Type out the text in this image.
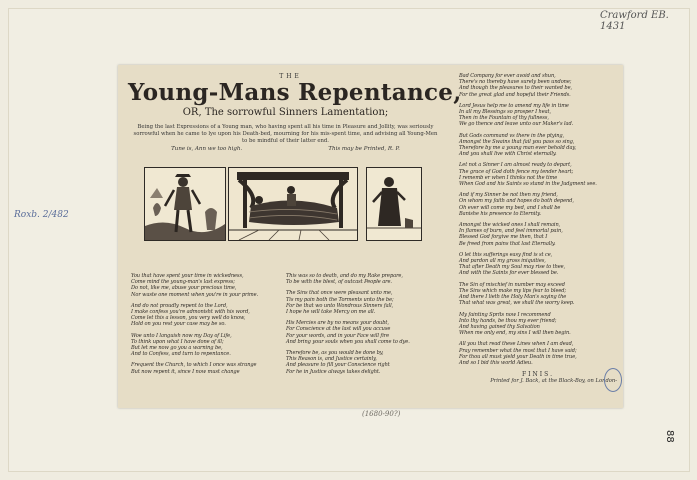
Crawford EB. 1431
Roxb. 2/482
(1680-90?)
88
THE
Young-Mans Repentance,
OR, The sorrowful Sinners Lamentation;
Being the last Expressions of a Young man, who having spent all his time in Pleasure and Jollity, was seriously sorrowful when he came to lye upon his Death-bed, mourning for his mis-spent time, and advising all Young-Men to be mindful of their latter end.
Tune is, Ann we too high.	This may be Printed, R. P.
You that have spent your time in wickedness,
Come mind the young-man's last express;
Do not, like me, abuse your precious time,
Nor waste one moment when you're in your prime.
And do not proudly repent to the Lord,
I make confess you're admonisht with his word,
Come let this a lesson, you very well do know,
Hold on you rest your case may be so.
Woe unto I languish now my Day of Life,
To think upon what I have done of ill;
But let me now go you a warning be,
And to Confess, and turn to repentance.
Frequent the Church, to which I once was strange
But now repent it, since I now must change
This was so to death, and do my Rake prepare,
To be with the blest, of outcast People are.
The Sins that once were pleasant unto me,
Tis my pain both the Torments unto the be;
For be that wo unto Wondrous Sinners fall,
I hope he will take Mercy on me all.
His Mercies are by no means your doubt,
For Conscience at the last will you accuse
For your words, and in your Face will fire
And bring your souls when you shall come to dye.
Therefore be, as you would be done by,
This Reason is, and Justice certainly,
And pleasure to fill your Conscience right
For he in Justice always takes delight.
Bad Company for ever avoid and shun,
There's no thereby have surely been undone;
And though the pleasures to their wanted be,
For the great glad and hopeful their Friends.
Lord Jesus help me to amend my life in time
In all my Blessings so prosper I heat,
Then in the Fountain of thy fullness,
We go thence and leave unto our Maker's lad.
But Gods command vs there in the ptying,
Amongst the Swains that fail you pass so sing,
Therefore by me a young man ever behold day,
And you shall live with Christ eternally.
Let not a Sinner I am almost ready to depart,
The grace of God doth fence my tender heart;
I rememb er when I thinks not the time
When God and his Saints so stand in the Judgment see.
And if my Sinner be not then my friend,
On whom my faith and hopes do both depend,
Oh ever will come my bed, and I shall be
Banishe his presence to Eternity.
Amongst the wicked ones I shall remain,
In flames of burn, and feel immortal pain,
Blessed God forgive me then, that I
Be freed from pains that last Eternally.
O let this sufferings easy find is st ce,
And pardon all my gross iniquities,
That after Death my Soul may rise to thee,
And with the Saints for ever blessed be.
The Sin of mischief in number may exceed
The Sins which make my lips fear to bleed;
And there I lieth the Holy Man's saying the
That what was great, we shall the worry keep.
My fainting Sprits now I recommend
Into thy hands, be thou my ever friend;
And having gained thy Salvation
When me only end, my sins I will then begin.
All you that read these Lines when I am dead,
Pray remember what the most that I have said;
For thou all must yield your Death in time true,
And so I bid this world Adieu.
FINIS.
Printed for J. Back, at the Black-Boy, on London-
